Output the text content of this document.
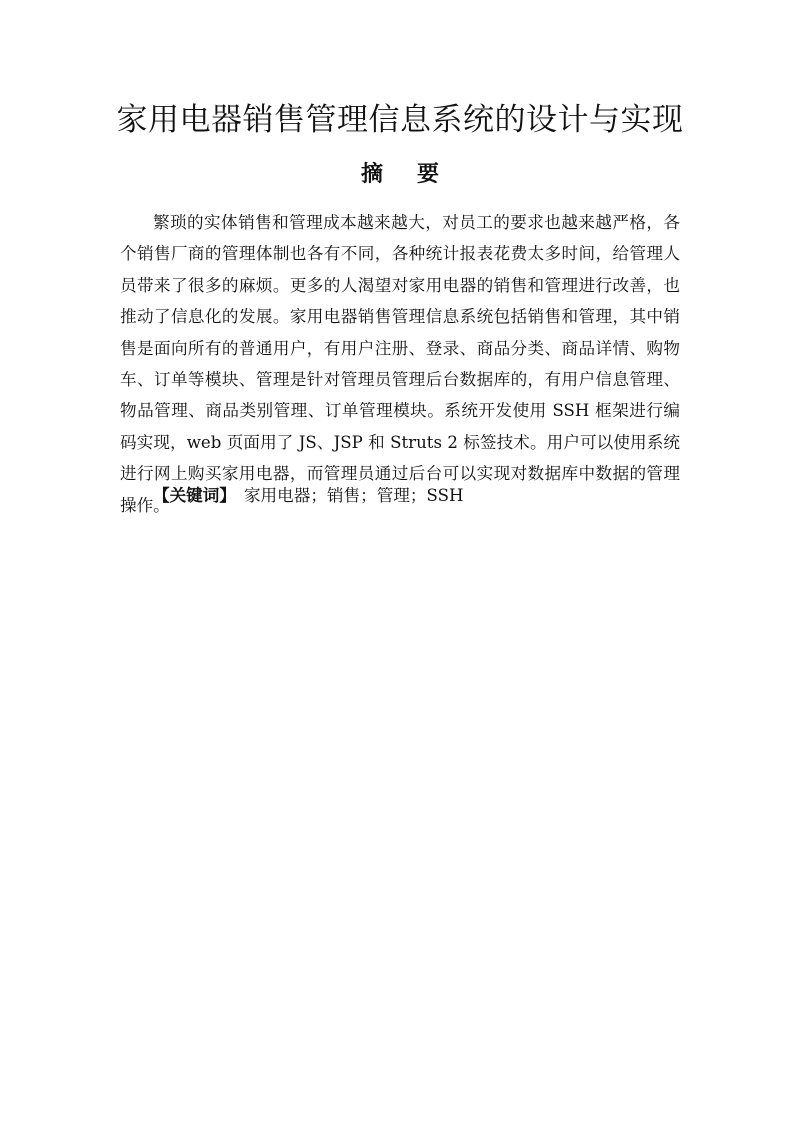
家用电器销售管理信息系统的设计与实现
摘要

繁琐的实体销售和管理成本越来越大，对员工的要求也越来越严格，各个销售厂商的管理体制也各有不同，各种统计报表花费太多时间，给管理人员带来了很多的麻烦。更多的人渴望对家用电器的销售和管理进行改善，也推动了信息化的发展。家用电器销售管理信息系统包括销售和管理，其中销售是面向所有的普通用户，有用户注册、登录、商品分类、商品详情、购物车、订单等模块、管理是针对管理员管理后台数据库的，有用户信息管理、物品管理、商品类别管理、订单管理模块。系统开发使用 SSH 框架进行编码实现，web 页面用了 JS、JSP 和 Struts 2 标签技术。用户可以使用系统进行网上购买家用电器，而管理员通过后台可以实现对数据库中数据的管理操作。

【关键词】 家用电器；销售；管理；SSH
